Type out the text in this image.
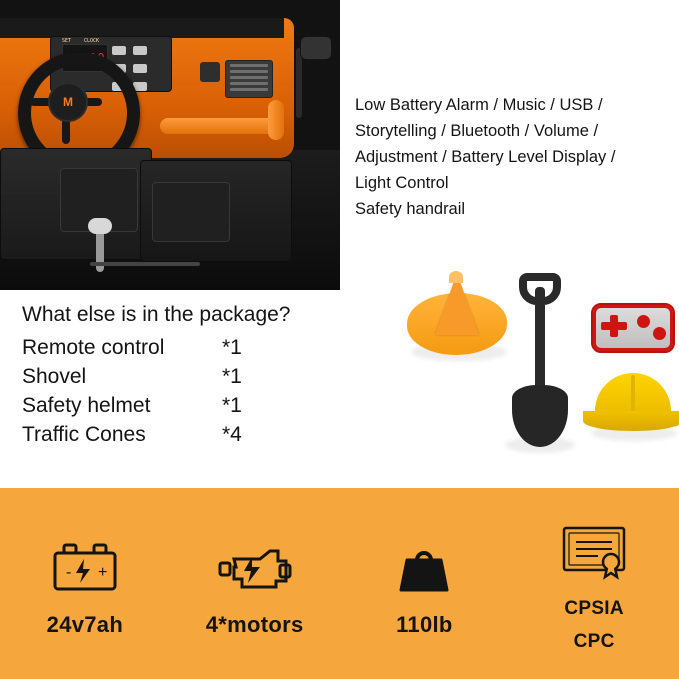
00:00
SET	CLOCK

M	Low Battery Alarm / Music / USB /
Storytelling / Bluetooth / Volume /
Adjustment / Battery Level Display /
Light Control
Safety handrail
What else is in the package?
Remote control	*1
Shovel	*1
Safety helmet	*1
Traffic Cones	*4
- +
24v7ah	4*motors	110lb
CPSIA
CPC
